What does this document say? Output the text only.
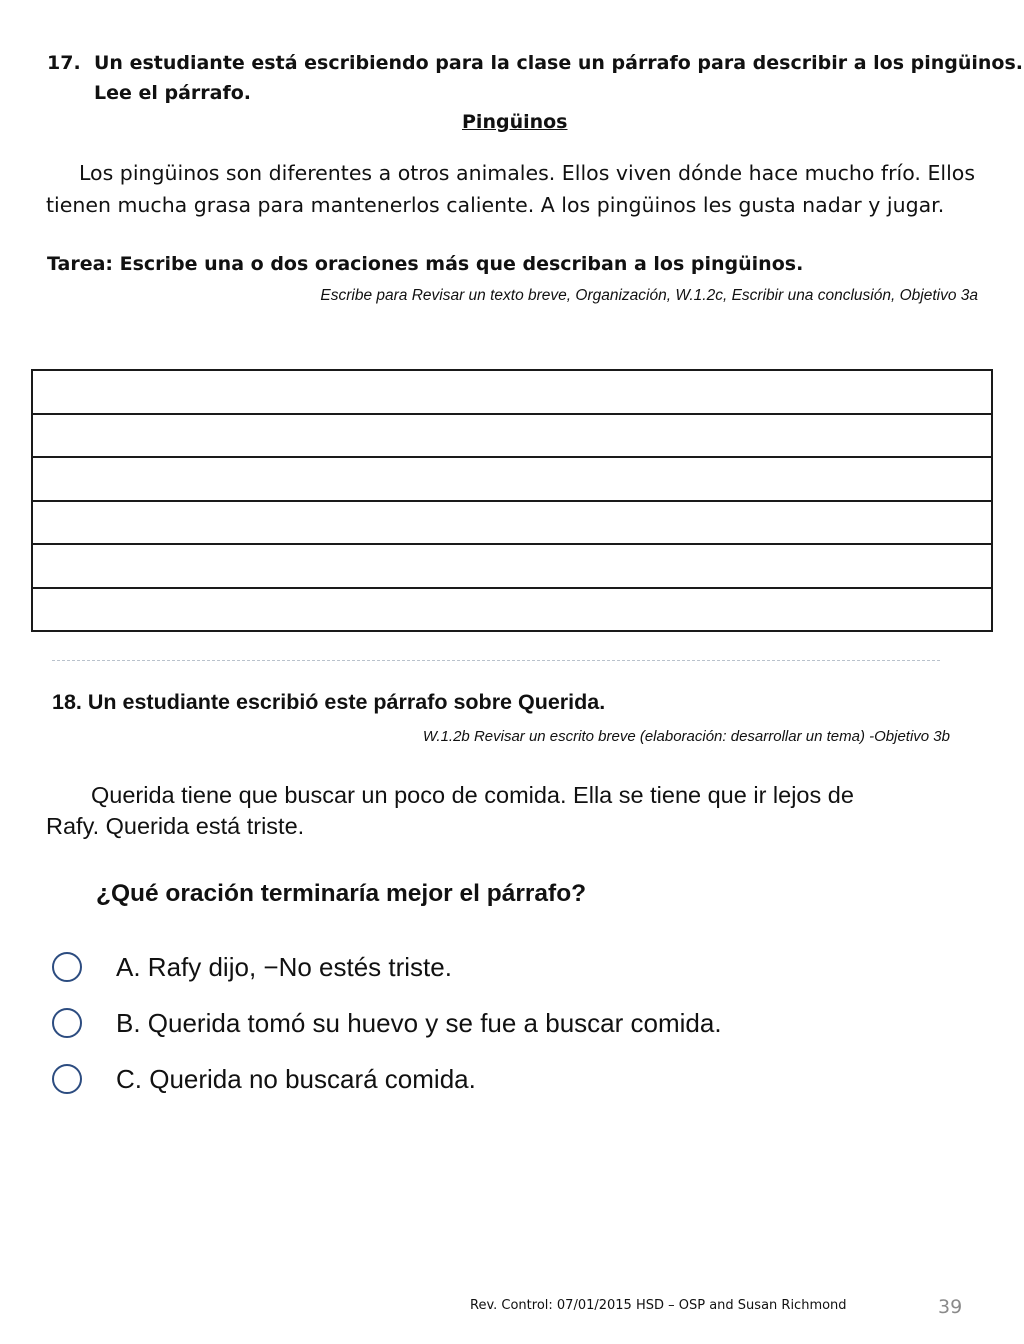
17. Un estudiante está escribiendo para la clase un párrafo para describir a los pingüinos.
Lee el párrafo.
Pingüinos
Los pingüinos son diferentes a otros animales. Ellos viven dónde hace mucho frío. Ellos
tienen mucha grasa para mantenerlos caliente. A los pingüinos les gusta nadar y jugar.
Tarea: Escribe una o dos oraciones más que describan a los pingüinos.
Escribe para Revisar un texto breve, Organización, W.1.2c, Escribir una conclusión, Objetivo 3a
18. Un estudiante escribió este párrafo sobre Querida.
W.1.2b Revisar un escrito breve (elaboración: desarrollar un tema) -Objetivo 3b
Querida tiene que buscar un poco de comida. Ella se tiene que ir lejos de
Rafy. Querida está triste.
¿Qué oración terminaría mejor el párrafo?
A. Rafy dijo, −No estés triste.
B. Querida tomó su huevo y se fue a buscar comida.
C. Querida no buscará comida.
Rev. Control: 07/01/2015 HSD – OSP and Susan Richmond	39
